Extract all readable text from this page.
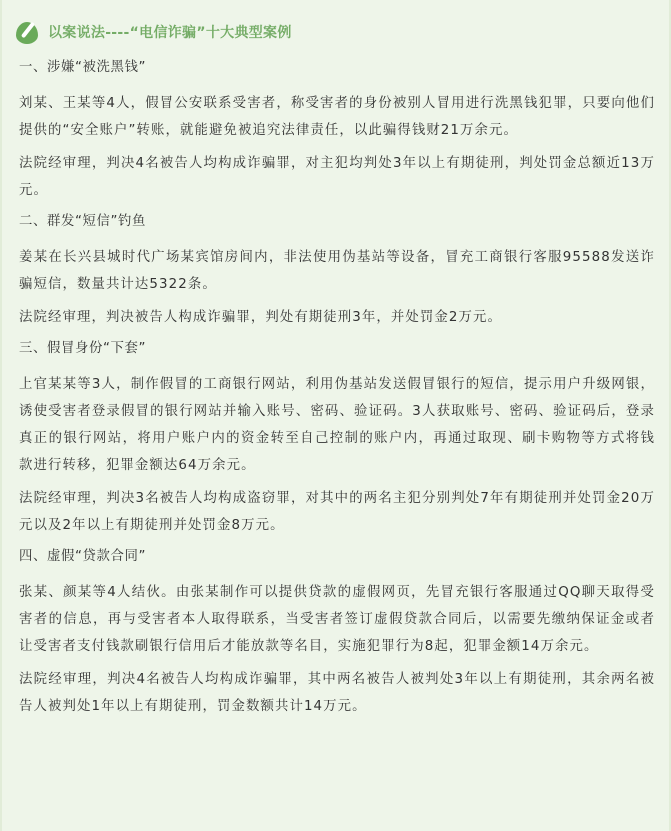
以案说法----“电信诈骗”十大典型案例
一、涉嫌“被洗黑钱”
刘某、王某等4人，假冒公安联系受害者，称受害者的身份被别人冒用进行洗黑钱犯罪，只要向他们提供的“安全账户”转账，就能避免被追究法律责任，以此骗得钱财21万余元。
法院经审理，判决4名被告人均构成诈骗罪，对主犯均判处3年以上有期徒刑，判处罚金总额近13万元。
二、群发“短信”钓鱼
姜某在长兴县城时代广场某宾馆房间内，非法使用伪基站等设备，冒充工商银行客服95588发送诈骗短信，数量共计达5322条。
法院经审理，判决被告人构成诈骗罪，判处有期徒刑3年，并处罚金2万元。
三、假冒身份“下套”
上官某某等3人，制作假冒的工商银行网站，利用伪基站发送假冒银行的短信，提示用户升级网银，诱使受害者登录假冒的银行网站并输入账号、密码、验证码。3人获取账号、密码、验证码后，登录真正的银行网站，将用户账户内的资金转至自己控制的账户内，再通过取现、刷卡购物等方式将钱款进行转移，犯罪金额达64万余元。
法院经审理，判决3名被告人均构成盗窃罪，对其中的两名主犯分别判处7年有期徒刑并处罚金20万元以及2年以上有期徒刑并处罚金8万元。
四、虚假“贷款合同”
张某、颜某等4人结伙。由张某制作可以提供贷款的虚假网页，先冒充银行客服通过QQ聊天取得受害者的信息，再与受害者本人取得联系，当受害者签订虚假贷款合同后，以需要先缴纳保证金或者让受害者支付钱款刷银行信用后才能放款等名目，实施犯罪行为8起，犯罪金额14万余元。
法院经审理，判决4名被告人均构成诈骗罪，其中两名被告人被判处3年以上有期徒刑，其余两名被告人被判处1年以上有期徒刑，罚金数额共计14万元。
